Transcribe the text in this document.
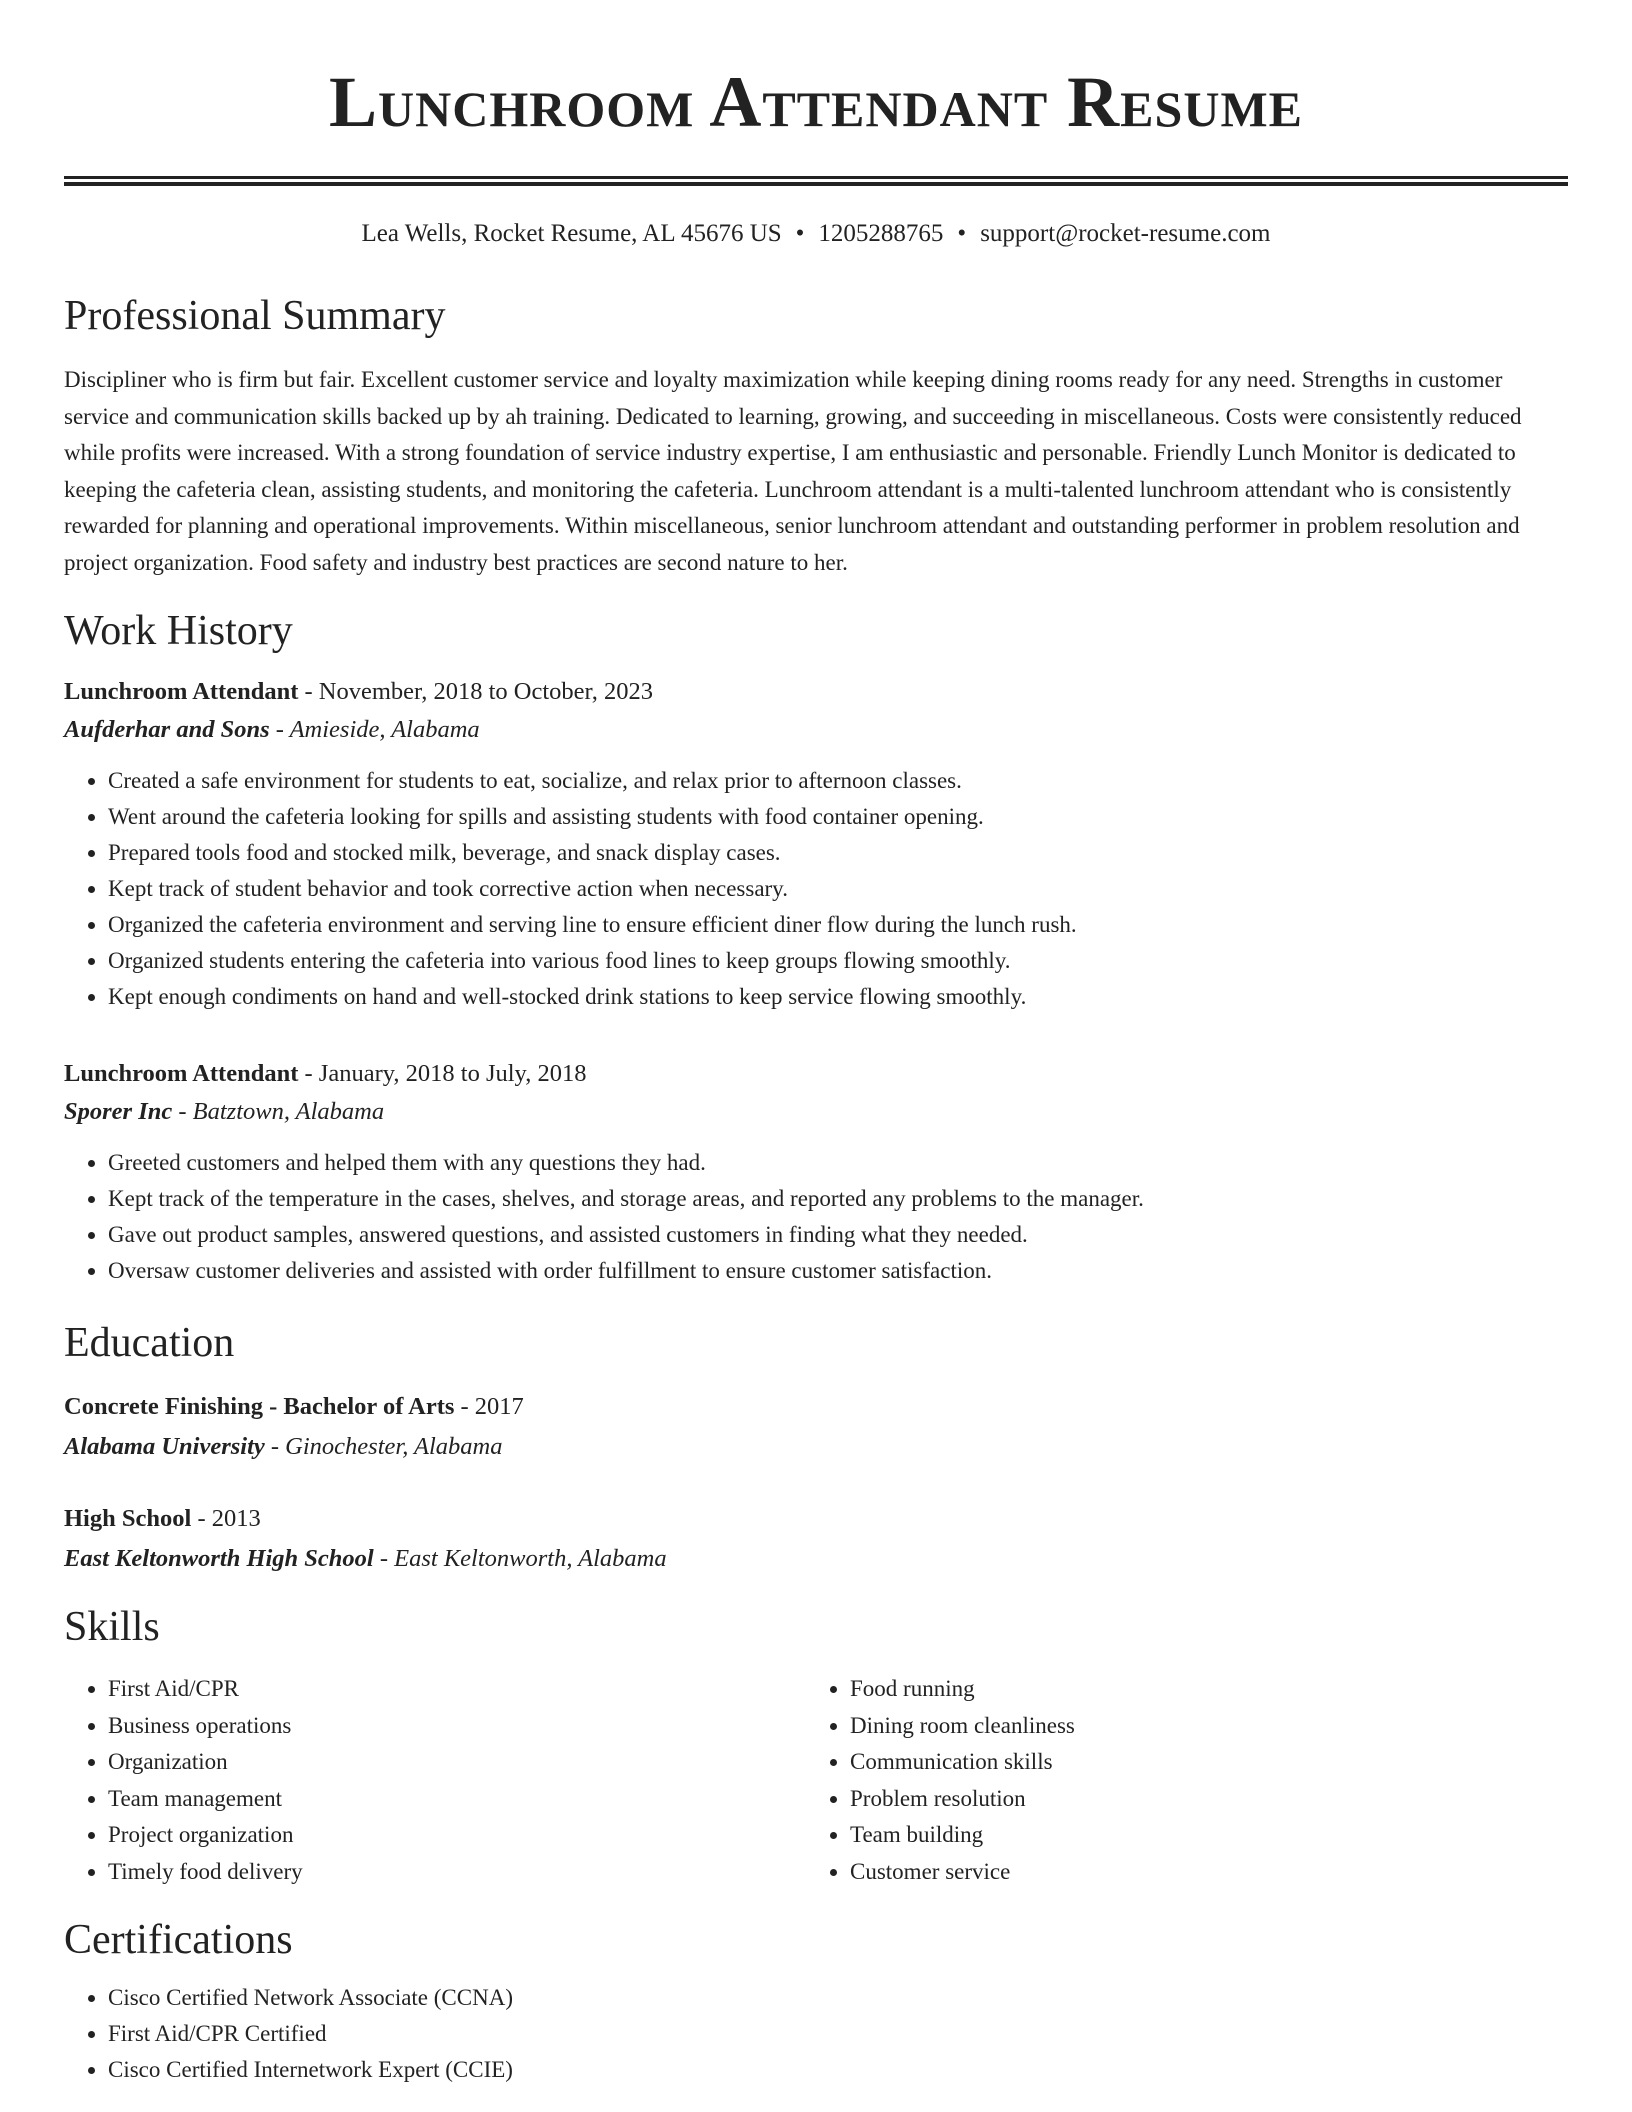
Lunchroom Attendant Resume
Lea Wells, Rocket Resume, AL 45676 US • 1205288765 • support@rocket-resume.com
Professional Summary

Discipliner who is firm but fair. Excellent customer service and loyalty maximization while keeping dining rooms ready for any need. Strengths in customer service and communication skills backed up by ah training. Dedicated to learning, growing, and succeeding in miscellaneous. Costs were consistently reduced while profits were increased. With a strong foundation of service industry expertise, I am enthusiastic and personable. Friendly Lunch Monitor is dedicated to keeping the cafeteria clean, assisting students, and monitoring the cafeteria. Lunchroom attendant is a multi-talented lunchroom attendant who is consistently rewarded for planning and operational improvements. Within miscellaneous, senior lunchroom attendant and outstanding performer in problem resolution and project organization. Food safety and industry best practices are second nature to her.

Work History
Lunchroom Attendant - November, 2018 to October, 2023
Aufderhar and Sons - Amieside, Alabama
• Created a safe environment for students to eat, socialize, and relax prior to afternoon classes.
• Went around the cafeteria looking for spills and assisting students with food container opening.
• Prepared tools food and stocked milk, beverage, and snack display cases.
• Kept track of student behavior and took corrective action when necessary.
• Organized the cafeteria environment and serving line to ensure efficient diner flow during the lunch rush.
• Organized students entering the cafeteria into various food lines to keep groups flowing smoothly.
• Kept enough condiments on hand and well-stocked drink stations to keep service flowing smoothly.
Lunchroom Attendant - January, 2018 to July, 2018
Sporer Inc - Batztown, Alabama
• Greeted customers and helped them with any questions they had.
• Kept track of the temperature in the cases, shelves, and storage areas, and reported any problems to the manager.
• Gave out product samples, answered questions, and assisted customers in finding what they needed.
• Oversaw customer deliveries and assisted with order fulfillment to ensure customer satisfaction.
Education
Concrete Finishing - Bachelor of Arts - 2017
Alabama University - Ginochester, Alabama
High School - 2013
East Keltonworth High School - East Keltonworth, Alabama
Skills
• First Aid/CPR
• Business operations
• Organization
• Team management
• Project organization
• Timely food delivery
• Food running
• Dining room cleanliness
• Communication skills
• Problem resolution
• Team building
• Customer service
Certifications
• Cisco Certified Network Associate (CCNA)
• First Aid/CPR Certified
• Cisco Certified Internetwork Expert (CCIE)
